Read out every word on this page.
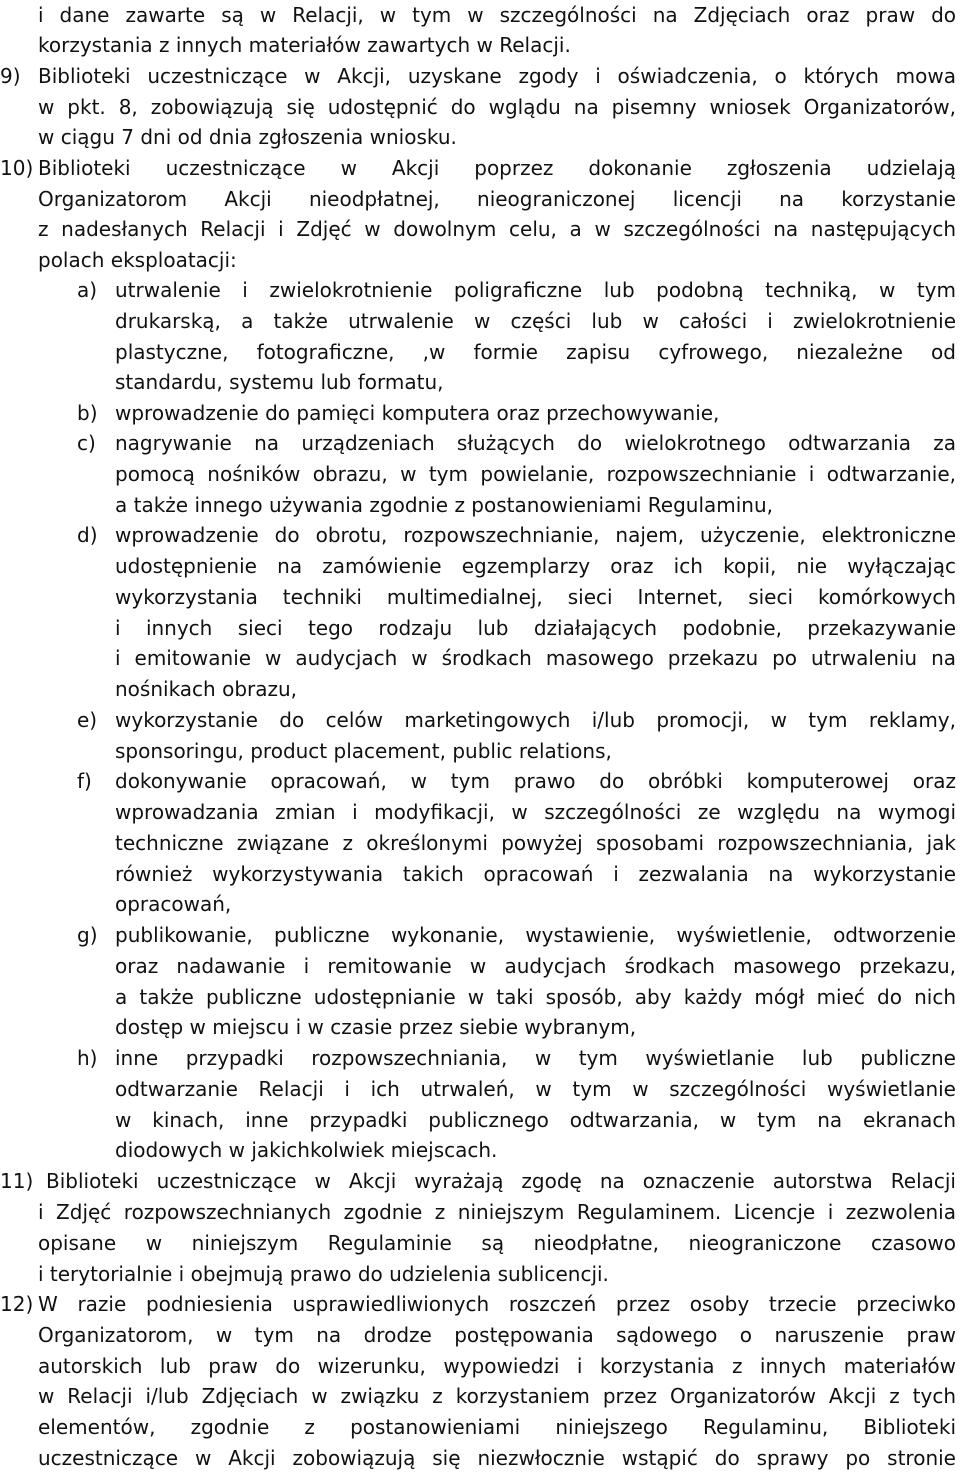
i dane zawarte są w Relacji, w tym w szczególności na Zdjęciach oraz praw do
korzystania z innych materiałów zawartych w Relacji.
9) Biblioteki uczestniczące w Akcji, uzyskane zgody i oświadczenia, o których mowa
w pkt. 8, zobowiązują się udostępnić do wglądu na pisemny wniosek Organizatorów,
w ciągu 7 dni od dnia zgłoszenia wniosku.
10) Biblioteki uczestniczące w Akcji poprzez dokonanie zgłoszenia udzielają
Organizatorom Akcji nieodpłatnej, nieograniczonej licencji na korzystanie
z nadesłanych Relacji i Zdjęć w dowolnym celu, a w szczególności na następujących
polach eksploatacji:
a) utrwalenie i zwielokrotnienie poligraficzne lub podobną techniką, w tym
drukarską, a także utrwalenie w części lub w całości i zwielokrotnienie
plastyczne, fotograficzne, ,w formie zapisu cyfrowego, niezależne od
standardu, systemu lub formatu,
b) wprowadzenie do pamięci komputera oraz przechowywanie,
c) nagrywanie na urządzeniach służących do wielokrotnego odtwarzania za
pomocą nośników obrazu, w tym powielanie, rozpowszechnianie i odtwarzanie,
a także innego używania zgodnie z postanowieniami Regulaminu,
d) wprowadzenie do obrotu, rozpowszechnianie, najem, użyczenie, elektroniczne
udostępnienie na zamówienie egzemplarzy oraz ich kopii, nie wyłączając
wykorzystania techniki multimedialnej, sieci Internet, sieci komórkowych
i innych sieci tego rodzaju lub działających podobnie, przekazywanie
i emitowanie w audycjach w środkach masowego przekazu po utrwaleniu na
nośnikach obrazu,
e) wykorzystanie do celów marketingowych i/lub promocji, w tym reklamy,
sponsoringu, product placement, public relations,
f) dokonywanie opracowań, w tym prawo do obróbki komputerowej oraz
wprowadzania zmian i modyfikacji, w szczególności ze względu na wymogi
techniczne związane z określonymi powyżej sposobami rozpowszechniania, jak
również wykorzystywania takich opracowań i zezwalania na wykorzystanie
opracowań,
g) publikowanie, publiczne wykonanie, wystawienie, wyświetlenie, odtworzenie
oraz nadawanie i remitowanie w audycjach środkach masowego przekazu,
a także publiczne udostępnianie w taki sposób, aby każdy mógł mieć do nich
dostęp w miejscu i w czasie przez siebie wybranym,
h) inne przypadki rozpowszechniania, w tym wyświetlanie lub publiczne
odtwarzanie Relacji i ich utrwaleń, w tym w szczególności wyświetlanie
w kinach, inne przypadki publicznego odtwarzania, w tym na ekranach
diodowych w jakichkolwiek miejscach.
11) Biblioteki uczestniczące w Akcji wyrażają zgodę na oznaczenie autorstwa Relacji
i Zdjęć rozpowszechnianych zgodnie z niniejszym Regulaminem. Licencje i zezwolenia
opisane w niniejszym Regulaminie są nieodpłatne, nieograniczone czasowo
i terytorialnie i obejmują prawo do udzielenia sublicencji.
12) W razie podniesienia usprawiedliwionych roszczeń przez osoby trzecie przeciwko
Organizatorom, w tym na drodze postępowania sądowego o naruszenie praw
autorskich lub praw do wizerunku, wypowiedzi i korzystania z innych materiałów
w Relacji i/lub Zdjęciach w związku z korzystaniem przez Organizatorów Akcji z tych
elementów, zgodnie z postanowieniami niniejszego Regulaminu, Biblioteki
uczestniczące w Akcji zobowiązują się niezwłocznie wstąpić do sprawy po stronie
